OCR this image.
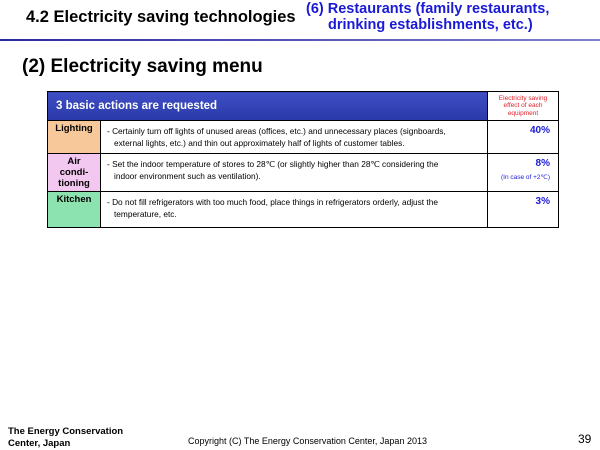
4.2 Electricity saving technologies (6) Restaurants (family restaurants,
drinking establishments, etc.)
(2) Electricity saving menu
3 basic actions are requested		Electricity saving effect of each equipment
Lighting	- Certainly turn off lights of unused areas (offices, etc.) and unnecessary places (signboards,
external lights, etc.) and thin out approximately half of lights of customer tables.	40%

Air
condi-
tioning	- Set the indoor temperature of stores to 28℃ (or slightly higher than 28℃ considering the
indoor environment such as ventilation).	8%
(In case of +2℃)

Kitchen	- Do not fill refrigerators with too much food, place things in refrigerators orderly, adjust the
temperature, etc.	3%
The Energy Conservation
Center, Japan	Copyright (C) The Energy Conservation Center, Japan 2013	39
